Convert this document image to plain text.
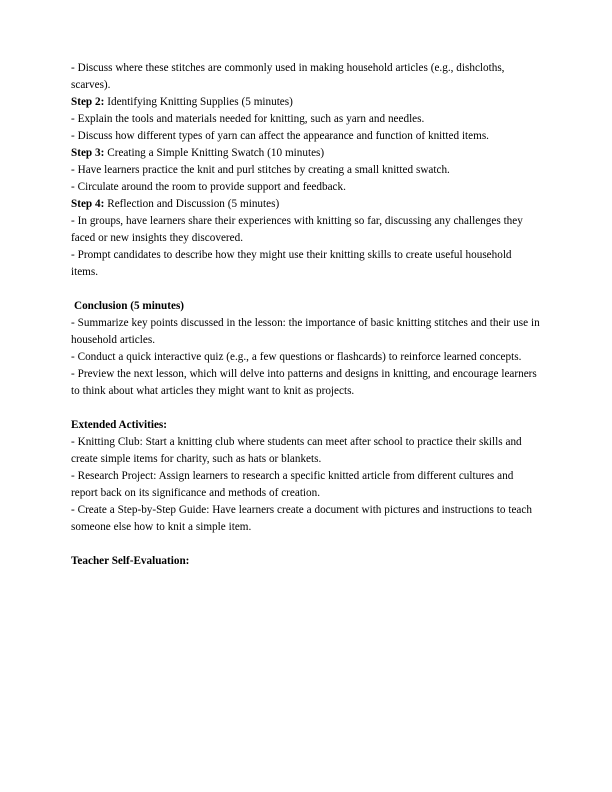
- Discuss where these stitches are commonly used in making household articles (e.g., dishcloths, scarves).

Step 2: Identifying Knitting Supplies (5 minutes)

- Explain the tools and materials needed for knitting, such as yarn and needles.

- Discuss how different types of yarn can affect the appearance and function of knitted items.

Step 3: Creating a Simple Knitting Swatch (10 minutes)

- Have learners practice the knit and purl stitches by creating a small knitted swatch.

- Circulate around the room to provide support and feedback.

Step 4: Reflection and Discussion (5 minutes)

- In groups, have learners share their experiences with knitting so far, discussing any challenges they faced or new insights they discovered.

- Prompt candidates to describe how they might use their knitting skills to create useful household items.

Conclusion (5 minutes)

- Summarize key points discussed in the lesson: the importance of basic knitting stitches and their use in household articles.

- Conduct a quick interactive quiz (e.g., a few questions or flashcards) to reinforce learned concepts.

- Preview the next lesson, which will delve into patterns and designs in knitting, and encourage learners to think about what articles they might want to knit as projects.

Extended Activities:

- Knitting Club: Start a knitting club where students can meet after school to practice their skills and create simple items for charity, such as hats or blankets.

- Research Project: Assign learners to research a specific knitted article from different cultures and report back on its significance and methods of creation.

- Create a Step-by-Step Guide: Have learners create a document with pictures and instructions to teach someone else how to knit a simple item.

Teacher Self-Evaluation:
